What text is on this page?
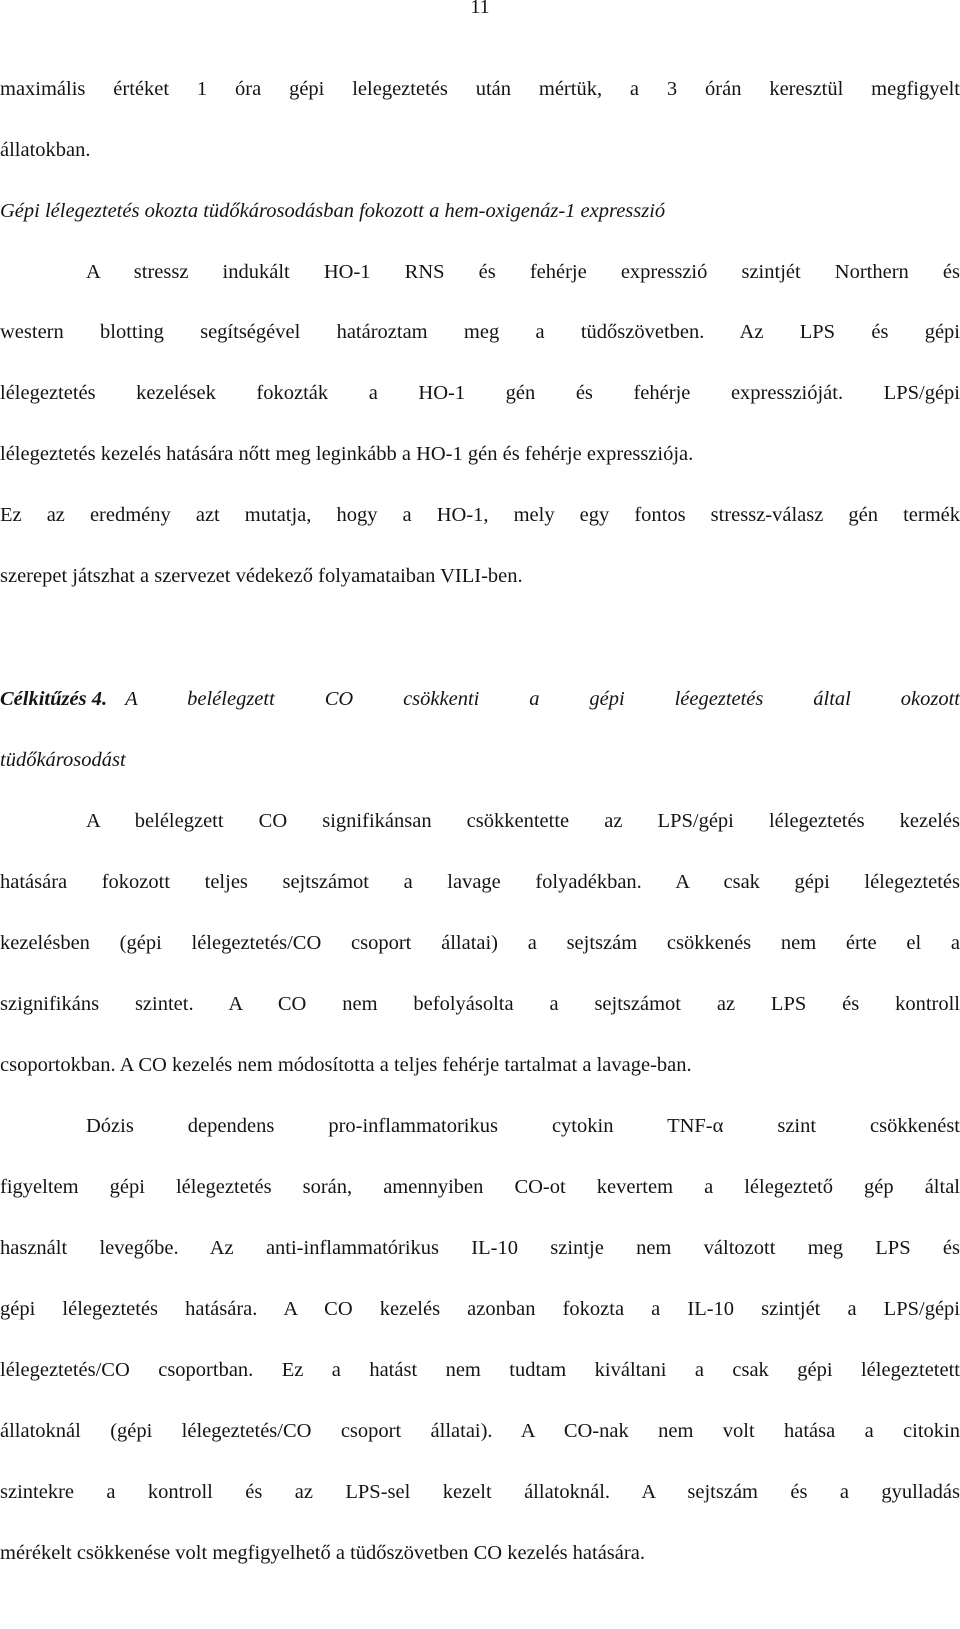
11
maximális értéket 1 óra gépi lelegeztetés után mértük, a 3 órán keresztül megfigyelt
állatokban.
Gépi lélegeztetés okozta tüdőkárosodásban fokozott a hem-oxigenáz-1 expresszió
A stressz indukált HO-1 RNS és fehérje expresszió szintjét Northern és
western blotting segítségével határoztam meg a tüdőszövetben. Az LPS és gépi
lélegeztetés kezelések fokozták a HO-1 gén és fehérje expresszióját. LPS/gépi
lélegeztetés kezelés hatására nőtt meg leginkább a HO-1 gén és fehérje expressziója.
Ez az eredmény azt mutatja, hogy a HO-1, mely egy fontos stressz-válasz gén termék
szerepet játszhat a szervezet védekező folyamataiban VILI-ben.
Célkitűzés 4. A belélegzett CO csökkenti a gépi léegeztetés által okozott
tüdőkárosodást
A belélegzett CO signifikánsan csökkentette az LPS/gépi lélegeztetés kezelés
hatására fokozott teljes sejtszámot a lavage folyadékban. A csak gépi lélegeztetés
kezelésben (gépi lélegeztetés/CO csoport állatai) a sejtszám csökkenés nem érte el a
szignifikáns szintet. A CO nem befolyásolta a sejtszámot az LPS és kontroll
csoportokban. A CO kezelés nem módosította a teljes fehérje tartalmat a lavage-ban.
Dózis dependens pro-inflammatorikus cytokin TNF-α szint csökkenést
figyeltem gépi lélegeztetés során, amennyiben CO-ot kevertem a lélegeztető gép által
használt levegőbe. Az anti-inflammatórikus IL-10 szintje nem változott meg LPS és
gépi lélegeztetés hatására. A CO kezelés azonban fokozta a IL-10 szintjét a LPS/gépi
lélegeztetés/CO csoportban. Ez a hatást nem tudtam kiváltani a csak gépi lélegeztetett
állatoknál (gépi lélegeztetés/CO csoport állatai). A CO-nak nem volt hatása a citokin
szintekre a kontroll és az LPS-sel kezelt állatoknál. A sejtszám és a gyulladás
mérékelt csökkenése volt megfigyelhető a tüdőszövetben CO kezelés hatására.
